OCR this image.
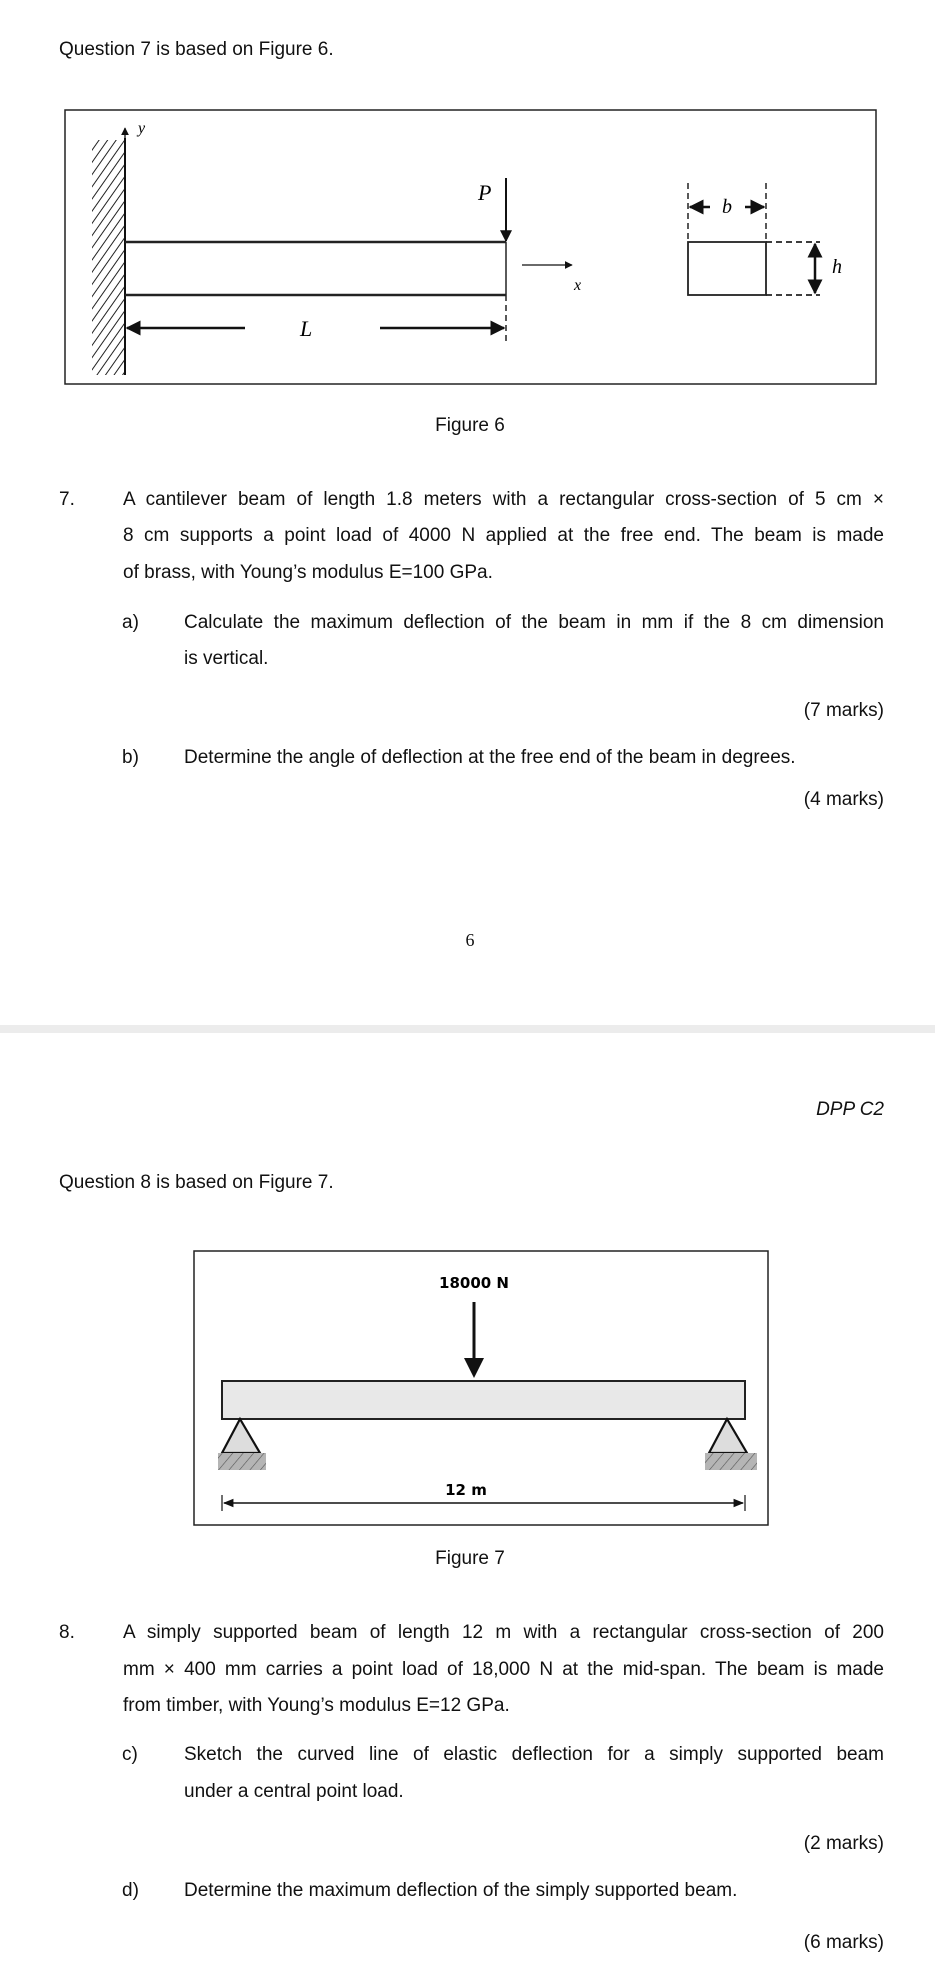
Question 7 is based on Figure 6.
y
P
x
L
b
h
Figure 6
7.	A cantilever beam of length 1.8 meters with a rectangular cross-section of 5 cm ×
8 cm supports a point load of 4000 N applied at the free end. The beam is made
of brass, with Young’s modulus E=100 GPa.
a) Calculate the maximum deflection of the beam in mm if the 8 cm dimension
is vertical.
(7 marks)
b) Determine the angle of deflection at the free end of the beam in degrees.
(4 marks)
6
DPP C2
Question 8 is based on Figure 7.
18000 N
12 m
Figure 7
8.	A simply supported beam of length 12 m with a rectangular cross-section of 200
mm × 400 mm carries a point load of 18,000 N at the mid-span. The beam is made
from timber, with Young’s modulus E=12 GPa.
c) Sketch the curved line of elastic deflection for a simply supported beam
under a central point load.
(2 marks)
d) Determine the maximum deflection of the simply supported beam.
(6 marks)
